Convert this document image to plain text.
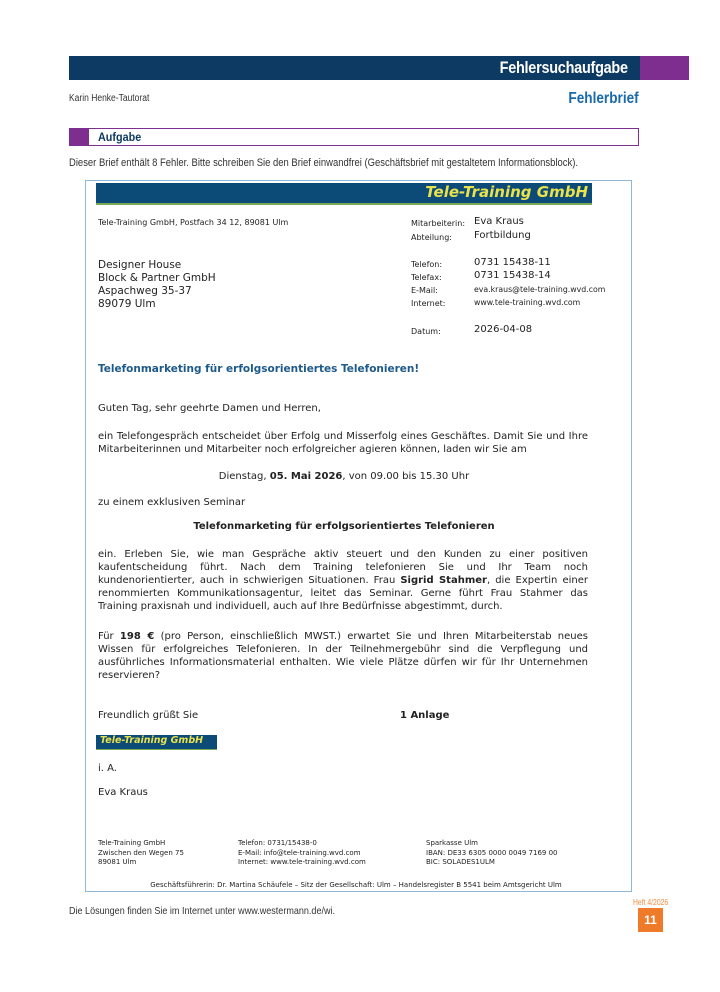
Fehlersuchaufgabe
Karin Henke-Tautorat	Fehlerbrief
Aufgabe
Dieser Brief enthält 8 Fehler. Bitte schreiben Sie den Brief einwandfrei (Geschäftsbrief mit gestaltetem Informationsblock).
Tele-Training GmbH
Tele-Training GmbH, Postfach 34 12, 89081 Ulm
Designer House
Block & Partner GmbH
Aspachweg 35-37
89079 Ulm
Mitarbeiterin: Eva Kraus
Abteilung: Fortbildung
Telefon:	0731 15438-11
Telefax:	0731 15438-14
E-Mail:	eva.kraus@tele-training.wvd.com
Internet:	www.tele-training.wvd.com
Datum:	2026-04-08
Telefonmarketing für erfolgsorientiertes Telefonieren!
Guten Tag, sehr geehrte Damen und Herren,
ein Telefongespräch entscheidet über Erfolg und Misserfolg eines Geschäftes. Damit Sie und Ihre Mitarbeiterinnen und Mitarbeiter noch erfolgreicher agieren können, laden wir Sie am
Dienstag, 05. Mai 2026, von 09.00 bis 15.30 Uhr
zu einem exklusiven Seminar
Telefonmarketing für erfolgsorientiertes Telefonieren
ein. Erleben Sie, wie man Gespräche aktiv steuert und den Kunden zu einer positiven kaufentscheidung führt. Nach dem Training telefonieren Sie und Ihr Team noch kundenorientierter, auch in schwierigen Situationen. Frau Sigrid Stahmer, die Expertin einer renommierten Kommunikationsagentur, leitet das Seminar. Gerne führt Frau Stahmer das Training praxisnah und individuell, auch auf Ihre Bedürfnisse abgestimmt, durch.
Für 198 € (pro Person, einschließlich MWST.) erwartet Sie und Ihren Mitarbeiterstab neues Wissen für erfolgreiches Telefonieren. In der Teilnehmergebühr sind die Verpflegung und ausführliches Informationsmaterial enthalten. Wie viele Plätze dürfen wir für Ihr Unternehmen reservieren?
Freundlich grüßt Sie	1 Anlage
Tele-Training GmbH
i. A.
Eva Kraus
Tele-Training GmbH
Zwischen den Wegen 75
89081 Ulm
Telefon: 0731/15438-0
E-Mail: info@tele-training.wvd.com
Internet: www.tele-training.wvd.com
Sparkasse Ulm
IBAN: DE33 6305 0000 0049 7169 00
BIC: SOLADES1ULM
Geschäftsführerin: Dr. Martina Schäufele – Sitz der Gesellschaft: Ulm – Handelsregister B 5541 beim Amtsgericht Ulm
Die Lösungen finden Sie im Internet unter www.westermann.de/wi.
Heft 4/2026
11
